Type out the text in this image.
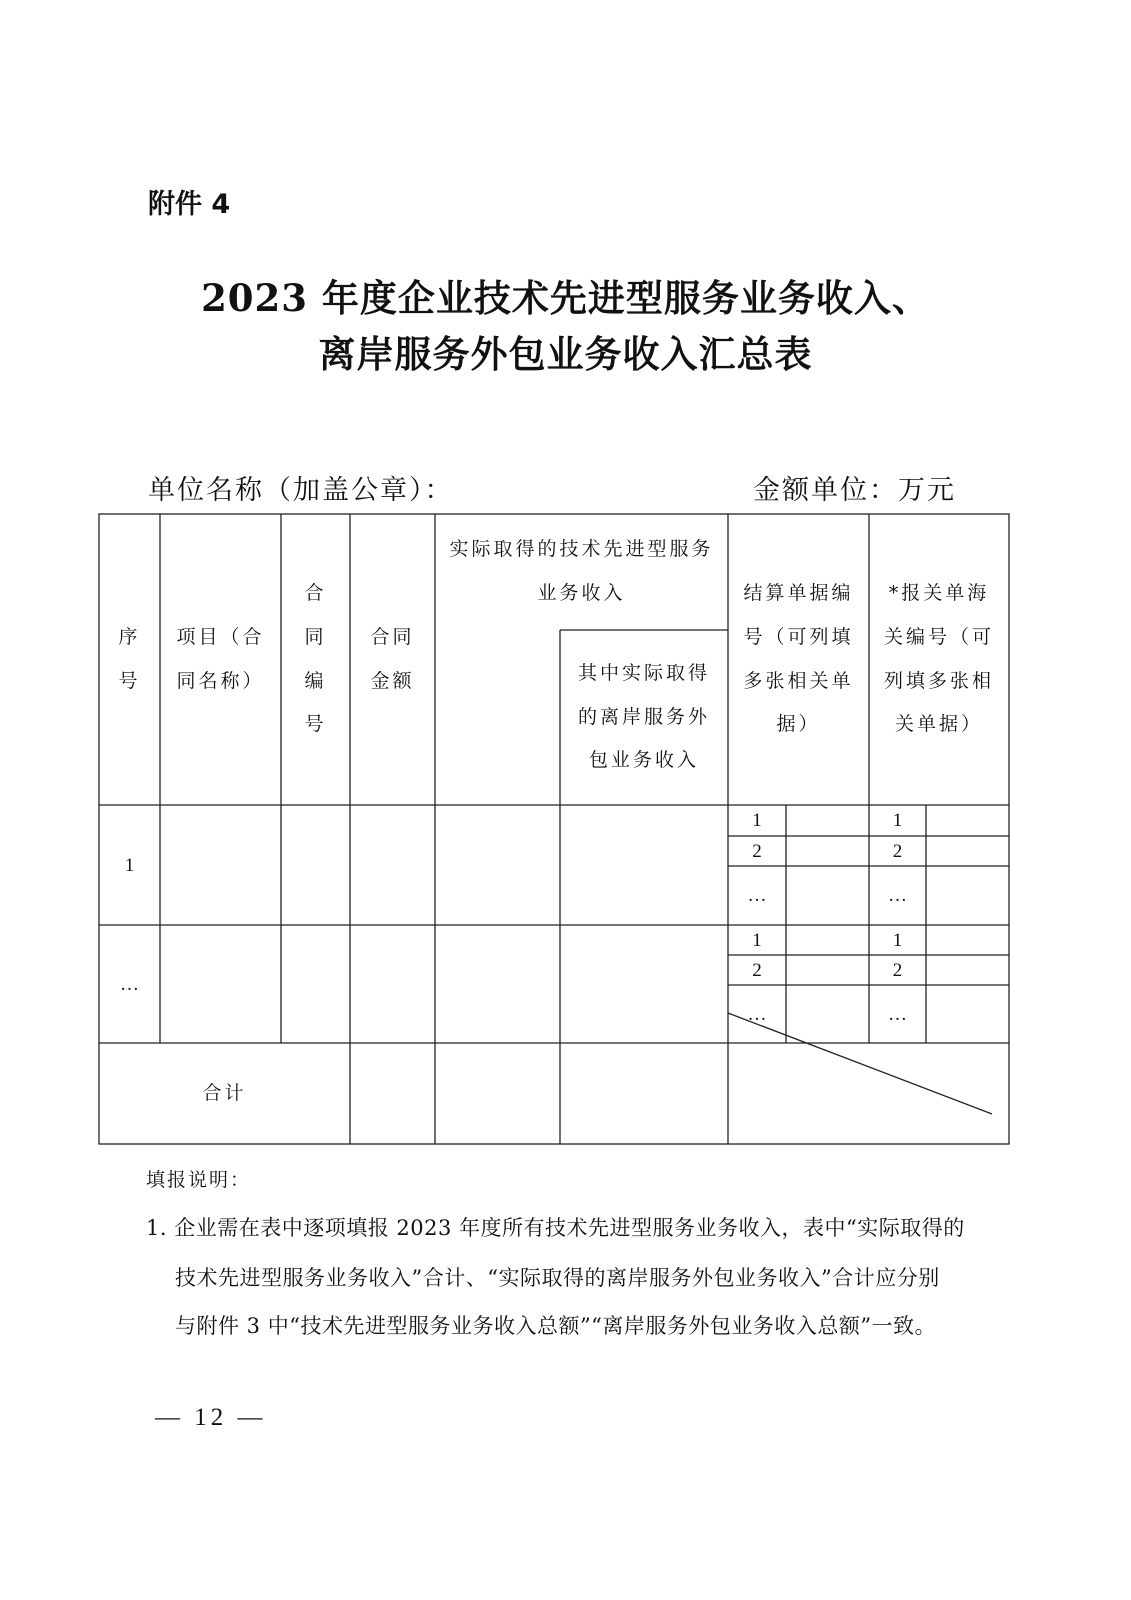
附件 4
2023 年度企业技术先进型服务业务收入、
离岸服务外包业务收入汇总表
单位名称（加盖公章）：	金额单位：万元
序号
项目（合同名称）
合同编号
合同金额
实际取得的技术先进型服务业务收入
其中实际取得的离岸服务外包业务收入
结算单据编号（可列填多张相关单据）
*报关单海关编号（可列填多张相关单据）
1
1
2
…
1
2
…
…
1
2
…
1
2
…
合计
填报说明：
1. 企业需在表中逐项填报 2023 年度所有技术先进型服务业务收入，表中“实际取得的
技术先进型服务业务收入”合计、“实际取得的离岸服务外包业务收入”合计应分别
与附件 3 中“技术先进型服务业务收入总额”“离岸服务外包业务收入总额”一致。
— 12 —
